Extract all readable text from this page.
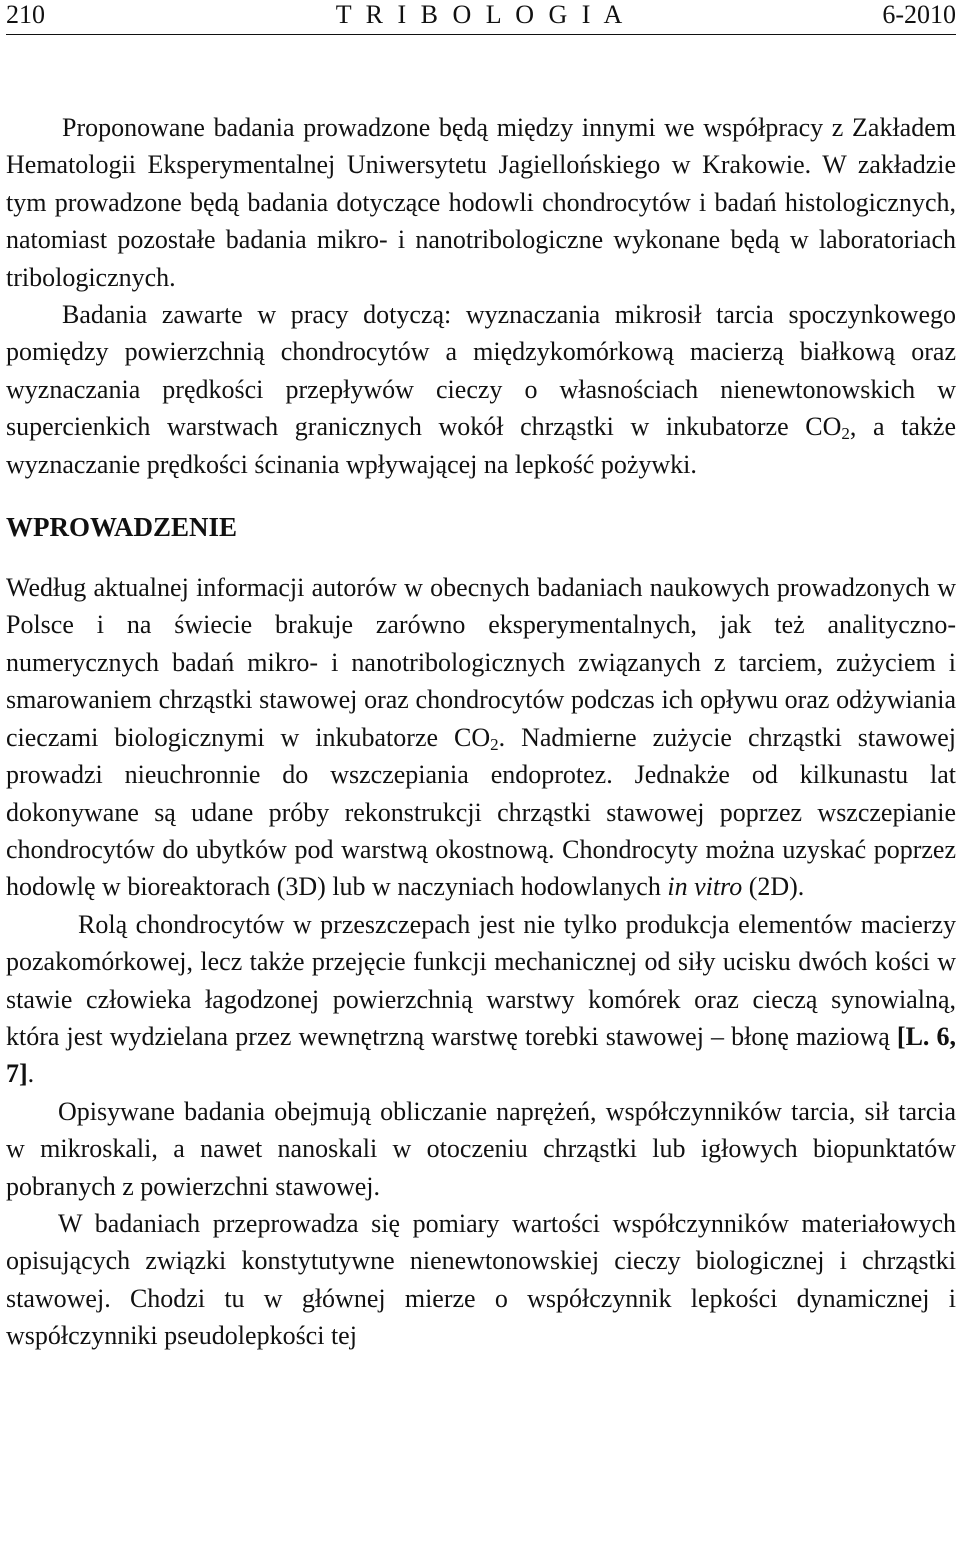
210	T R I B O L O G I A	6-2010

Proponowane badania prowadzone będą między innymi we współpracy z Zakładem Hematologii Eksperymentalnej Uniwersytetu Jagiellońskiego w Krakowie. W zakładzie tym prowadzone będą badania dotyczące hodowli chondrocytów i badań histologicznych, natomiast pozostałe badania mikro- i nanotribologiczne wykonane będą w laboratoriach tribologicznych.

Badania zawarte w pracy dotyczą: wyznaczania mikrosił tarcia spoczynkowego pomiędzy powierzchnią chondrocytów a międzykomórkową macierzą białkową oraz wyznaczania prędkości przepływów cieczy o własnościach nienewtonowskich w supercienkich warstwach granicznych wokół chrząstki w inkubatorze $CO_2$, a także wyznaczanie prędkości ścinania wpływającej na lepkość pożywki.

WPROWADZENIE

Według aktualnej informacji autorów w obecnych badaniach naukowych prowadzonych w Polsce i na świecie brakuje zarówno eksperymentalnych, jak też analityczno-numerycznych badań mikro- i nanotribologicznych związanych z tarciem, zużyciem i smarowaniem chrząstki stawowej oraz chondrocytów podczas ich opływu oraz odżywiania cieczami biologicznymi w inkubatorze $CO_2$. Nadmierne zużycie chrząstki stawowej prowadzi nieuchronnie do wszczepiania endoprotez. Jednakże od kilkunastu lat dokonywane są udane próby rekonstrukcji chrząstki stawowej poprzez wszczepianie chondrocytów do ubytków pod warstwą okostnową. Chondrocyty można uzyskać poprzez hodowlę w bioreaktorach (3D) lub w naczyniach hodowlanych in vitro (2D).

Rolą chondrocytów w przeszczepach jest nie tylko produkcja elementów macierzy pozakomórkowej, lecz także przejęcie funkcji mechanicznej od siły ucisku dwóch kości w stawie człowieka łagodzonej powierzchnią warstwy komórek oraz cieczą synowialną, która jest wydzielana przez wewnętrzną warstwę torebki stawowej – błonę maziową [L. 6, 7].

Opisywane badania obejmują obliczanie naprężeń, współczynników tarcia, sił tarcia w mikroskali, a nawet nanoskali w otoczeniu chrząstki lub igłowych biopunktatów pobranych z powierzchni stawowej.

W badaniach przeprowadza się pomiary wartości współczynników materiałowych opisujących związki konstytutywne nienewtonowskiej cieczy biologicznej i chrząstki stawowej. Chodzi tu w głównej mierze o współczynnik lepkości dynamicznej i współczynniki pseudolepkości tej
